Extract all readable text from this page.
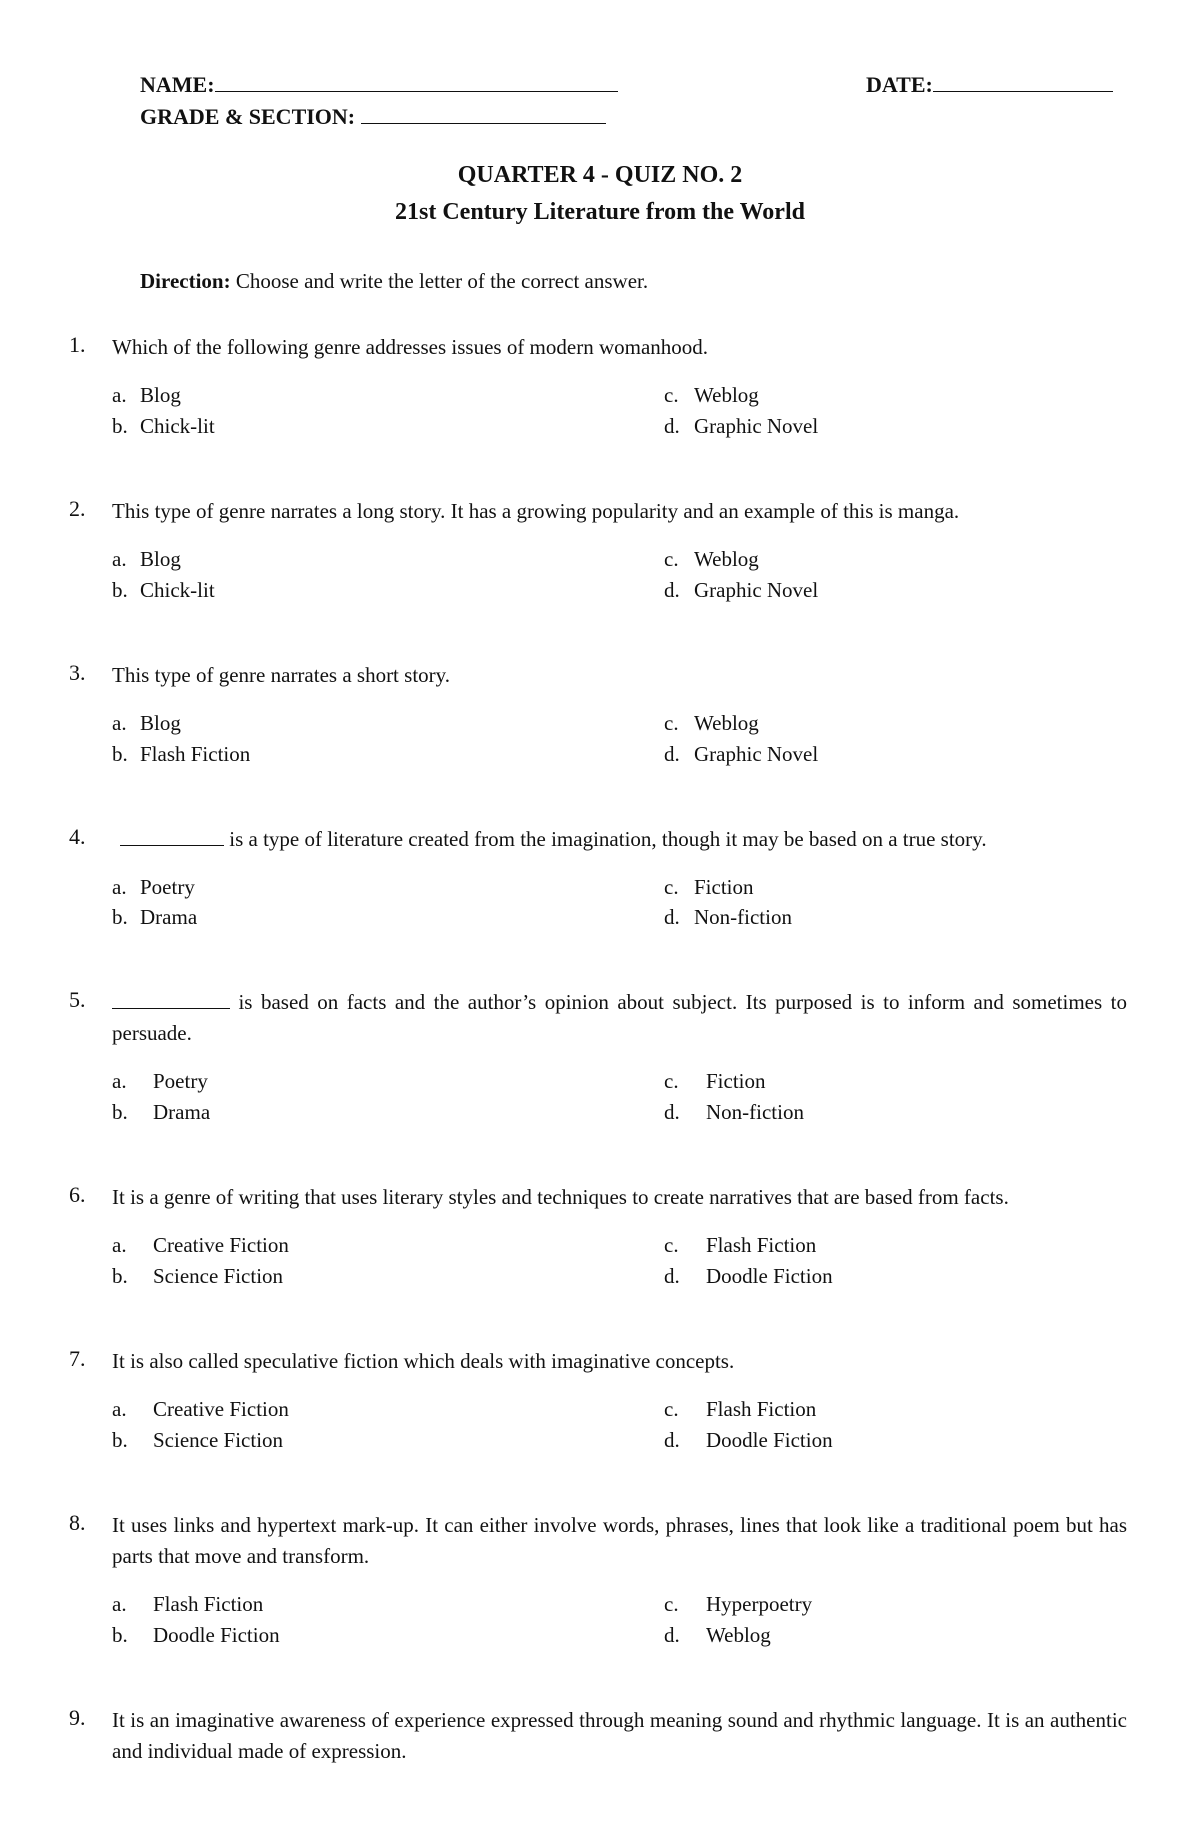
NAME:	DATE:
GRADE & SECTION:
QUARTER 4 - QUIZ NO. 2
21st Century Literature from the World
Direction: Choose and write the letter of the correct answer.
1.	Which of the following genre addresses issues of modern womanhood.
a. Blog
b. Chick-lit
c. Weblog
d. Graphic Novel
2.	This type of genre narrates a long story. It has a growing popularity and an example of this is manga.
a. Blog
b. Chick-lit
c. Weblog
d. Graphic Novel
3.	This type of genre narrates a short story.
a. Blog
b. Flash Fiction
c. Weblog
d. Graphic Novel
4.	is a type of literature created from the imagination, though it may be based on a true story.
a. Poetry
b. Drama
c. Fiction
d. Non-fiction
5.	is based on facts and the author’s opinion about subject. Its purposed is to inform and sometimes to persuade.
a.	Poetry
b.	Drama
c.	Fiction
d.	Non-fiction
6.	It is a genre of writing that uses literary styles and techniques to create narratives that are based from facts.
a.	Creative Fiction
b.	Science Fiction
c.	Flash Fiction
d.	Doodle Fiction
7.	It is also called speculative fiction which deals with imaginative concepts.
a.	Creative Fiction
b.	Science Fiction
c.	Flash Fiction
d.	Doodle Fiction
8.	It uses links and hypertext mark-up. It can either involve words, phrases, lines that look like a traditional poem but has parts that move and transform.
a.	Flash Fiction
b.	Doodle Fiction
c.	Hyperpoetry
d.	Weblog
9.	It is an imaginative awareness of experience expressed through meaning sound and rhythmic language. It is an authentic and individual made of expression.
